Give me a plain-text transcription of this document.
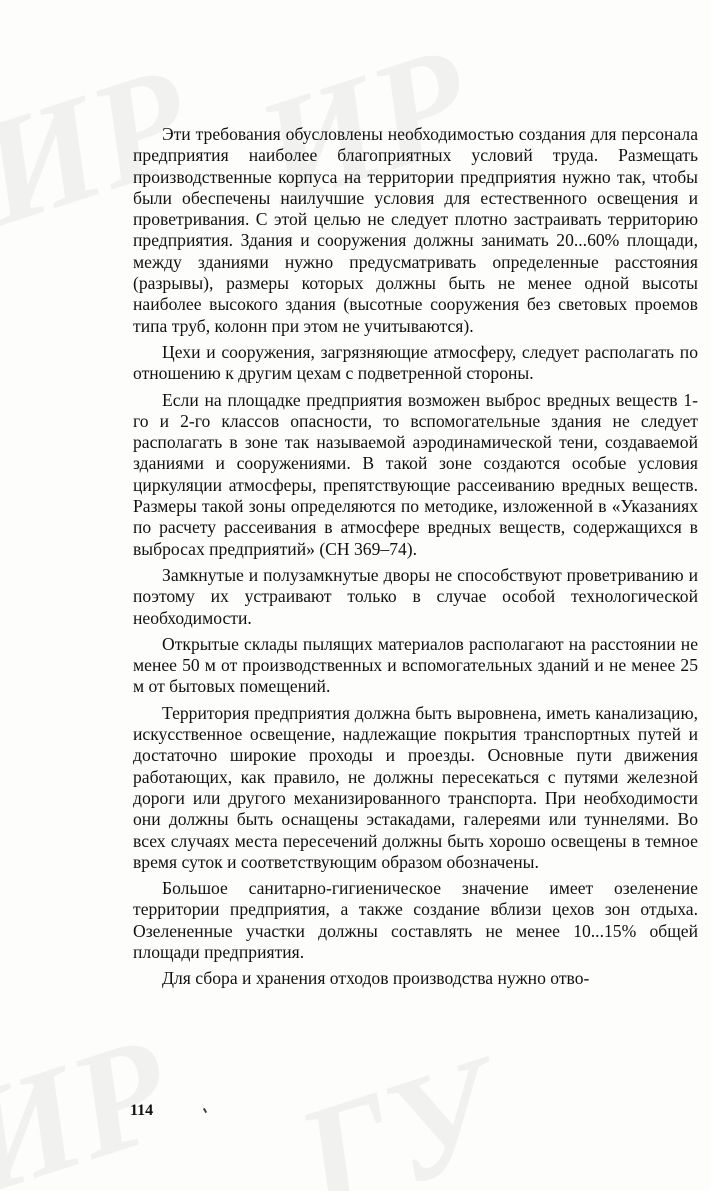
Эти требования обусловлены необходимостью создания для персонала предприятия наиболее благоприятных условий труда. Размещать производственные корпуса на территории предприятия нужно так, чтобы были обеспечены наилучшие условия для естественного освещения и проветривания. С этой целью не следует плотно застраивать территорию предприятия. Здания и сооружения должны занимать 20...60% площади, между зданиями нужно предусматривать определенные расстояния (разрывы), размеры которых должны быть не менее одной высоты наиболее высокого здания (высотные сооружения без световых проемов типа труб, колонн при этом не учитываются).

Цехи и сооружения, загрязняющие атмосферу, следует располагать по отношению к другим цехам с подветренной стороны.

Если на площадке предприятия возможен выброс вредных веществ 1-го и 2-го классов опасности, то вспомогательные здания не следует располагать в зоне так называемой аэродинамической тени, создаваемой зданиями и сооружениями. В такой зоне создаются особые условия циркуляции атмосферы, препятствующие рассеиванию вредных веществ. Размеры такой зоны определяются по методике, изложенной в «Указаниях по расчету рассеивания в атмосфере вредных веществ, содержащихся в выбросах предприятий» (СН 369–74).

Замкнутые и полузамкнутые дворы не способствуют проветриванию и поэтому их устраивают только в случае особой технологической необходимости.

Открытые склады пылящих материалов располагают на расстоянии не менее 50 м от производственных и вспомогательных зданий и не менее 25 м от бытовых помещений.

Территория предприятия должна быть выровнена, иметь канализацию, искусственное освещение, надлежащие покрытия транспортных путей и достаточно широкие проходы и проезды. Основные пути движения работающих, как правило, не должны пересекаться с путями железной дороги или другого механизированного транспорта. При необходимости они должны быть оснащены эстакадами, галереями или туннелями. Во всех случаях места пересечений должны быть хорошо освещены в темное время суток и соответствующим образом обозначены.

Большое санитарно-гигиеническое значение имеет озеленение территории предприятия, а также создание вблизи цехов зон отдыха. Озелененные участки должны составлять не менее 10...15% общей площади предприятия.

Для сбора и хранения отходов производства нужно отво-

114
